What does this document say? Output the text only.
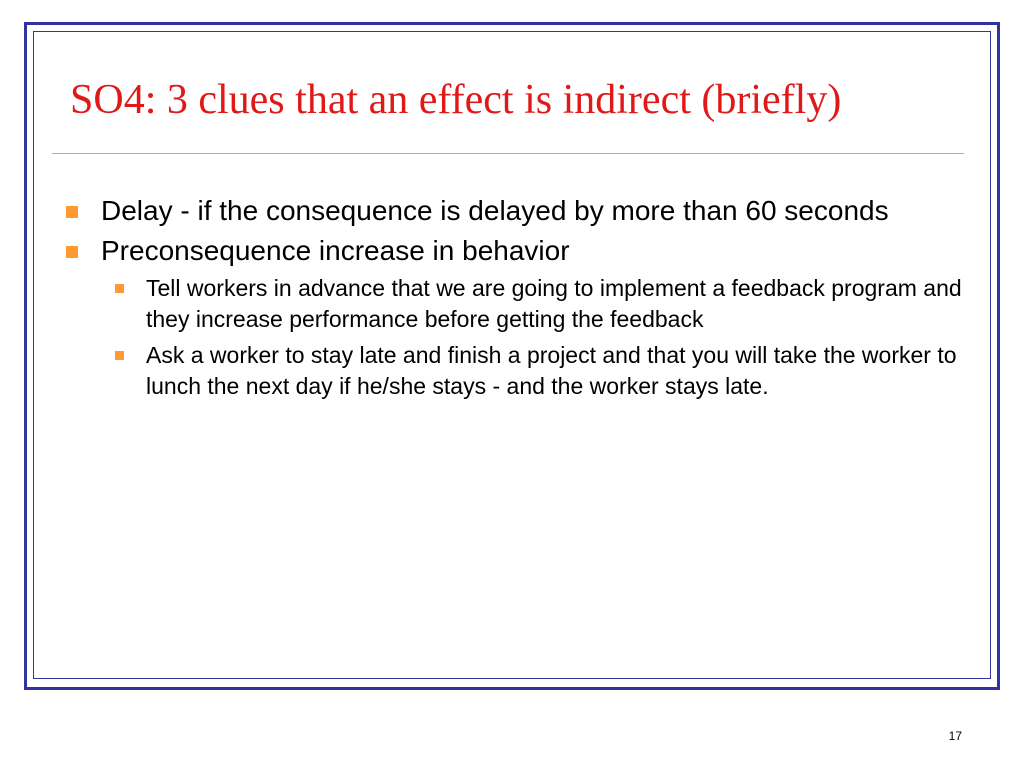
SO4: 3 clues that an effect is indirect (briefly)
Delay - if the consequence is delayed by more than 60 seconds
Preconsequence increase in behavior
Tell workers in advance that we are going to implement a feedback program and they increase performance before getting the feedback
Ask a worker to stay late and finish a project and that you will take the worker to lunch the next day if he/she stays - and the worker stays late.
17
